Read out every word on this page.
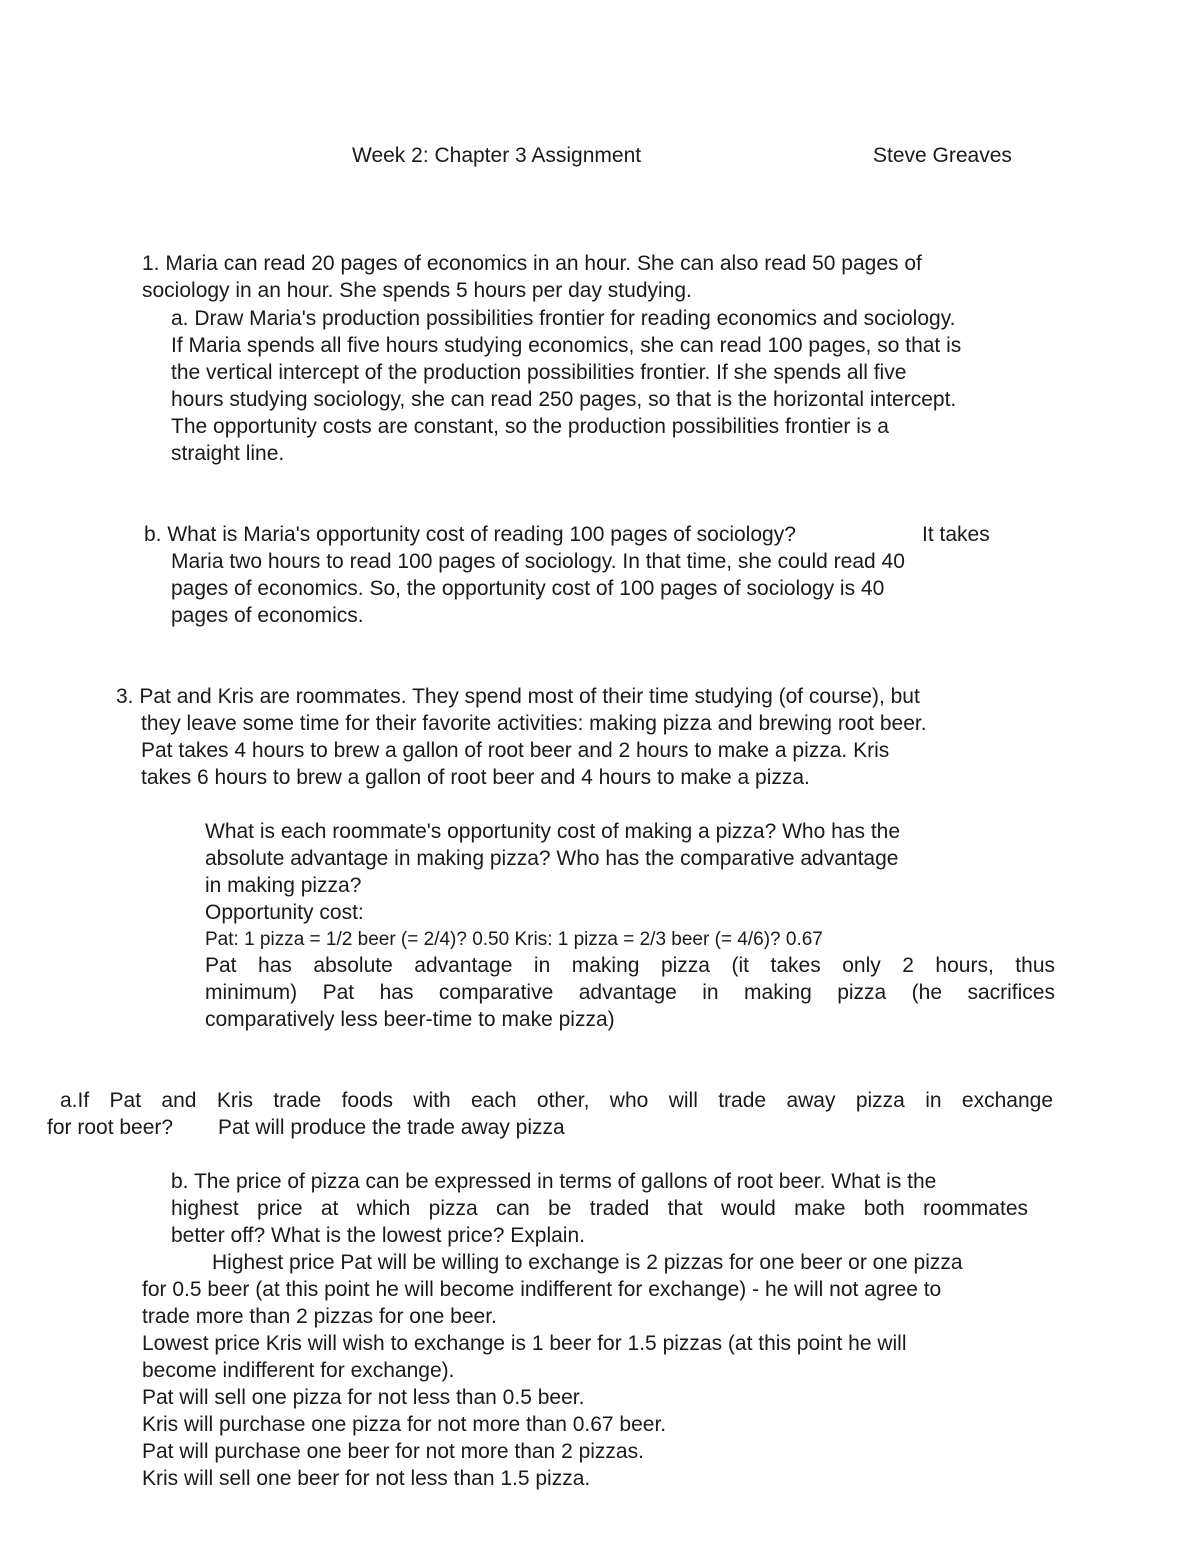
Week 2: Chapter 3 Assignment	Steve Greaves
1. Maria can read 20 pages of economics in an hour. She can also read 50 pages of
sociology in an hour. She spends 5 hours per day studying.
a. Draw Maria's production possibilities frontier for reading economics and sociology.
If Maria spends all five hours studying economics, she can read 100 pages, so that is
the vertical intercept of the production possibilities frontier. If she spends all five
hours studying sociology, she can read 250 pages, so that is the horizontal intercept.
The opportunity costs are constant, so the production possibilities frontier is a
straight line.
b. What is Maria's opportunity cost of reading 100 pages of sociology?	It takes
Maria two hours to read 100 pages of sociology. In that time, she could read 40
pages of economics. So, the opportunity cost of 100 pages of sociology is 40
pages of economics.
3. Pat and Kris are roommates. They spend most of their time studying (of course), but
they leave some time for their favorite activities: making pizza and brewing root beer.
Pat takes 4 hours to brew a gallon of root beer and 2 hours to make a pizza. Kris
takes 6 hours to brew a gallon of root beer and 4 hours to make a pizza.
What is each roommate's opportunity cost of making a pizza? Who has the
absolute advantage in making pizza? Who has the comparative advantage
in making pizza?
Opportunity cost:
Pat: 1 pizza = 1/2 beer (= 2/4)? 0.50 Kris: 1 pizza = 2/3 beer (= 4/6)? 0.67
Pat has absolute advantage in making pizza (it takes only 2 hours, thus
minimum) Pat has comparative advantage in making pizza (he sacrifices
comparatively less beer-time to make pizza)
a.If Pat and Kris trade foods with each other, who will trade away pizza in exchange
for root beer? Pat will produce the trade away pizza
b. The price of pizza can be expressed in terms of gallons of root beer. What is the
highest price at which pizza can be traded that would make both roommates
better off? What is the lowest price? Explain.
Highest price Pat will be willing to exchange is 2 pizzas for one beer or one pizza
for 0.5 beer (at this point he will become indifferent for exchange) - he will not agree to
trade more than 2 pizzas for one beer.
Lowest price Kris will wish to exchange is 1 beer for 1.5 pizzas (at this point he will
become indifferent for exchange).
Pat will sell one pizza for not less than 0.5 beer.
Kris will purchase one pizza for not more than 0.67 beer.
Pat will purchase one beer for not more than 2 pizzas.
Kris will sell one beer for not less than 1.5 pizza.
